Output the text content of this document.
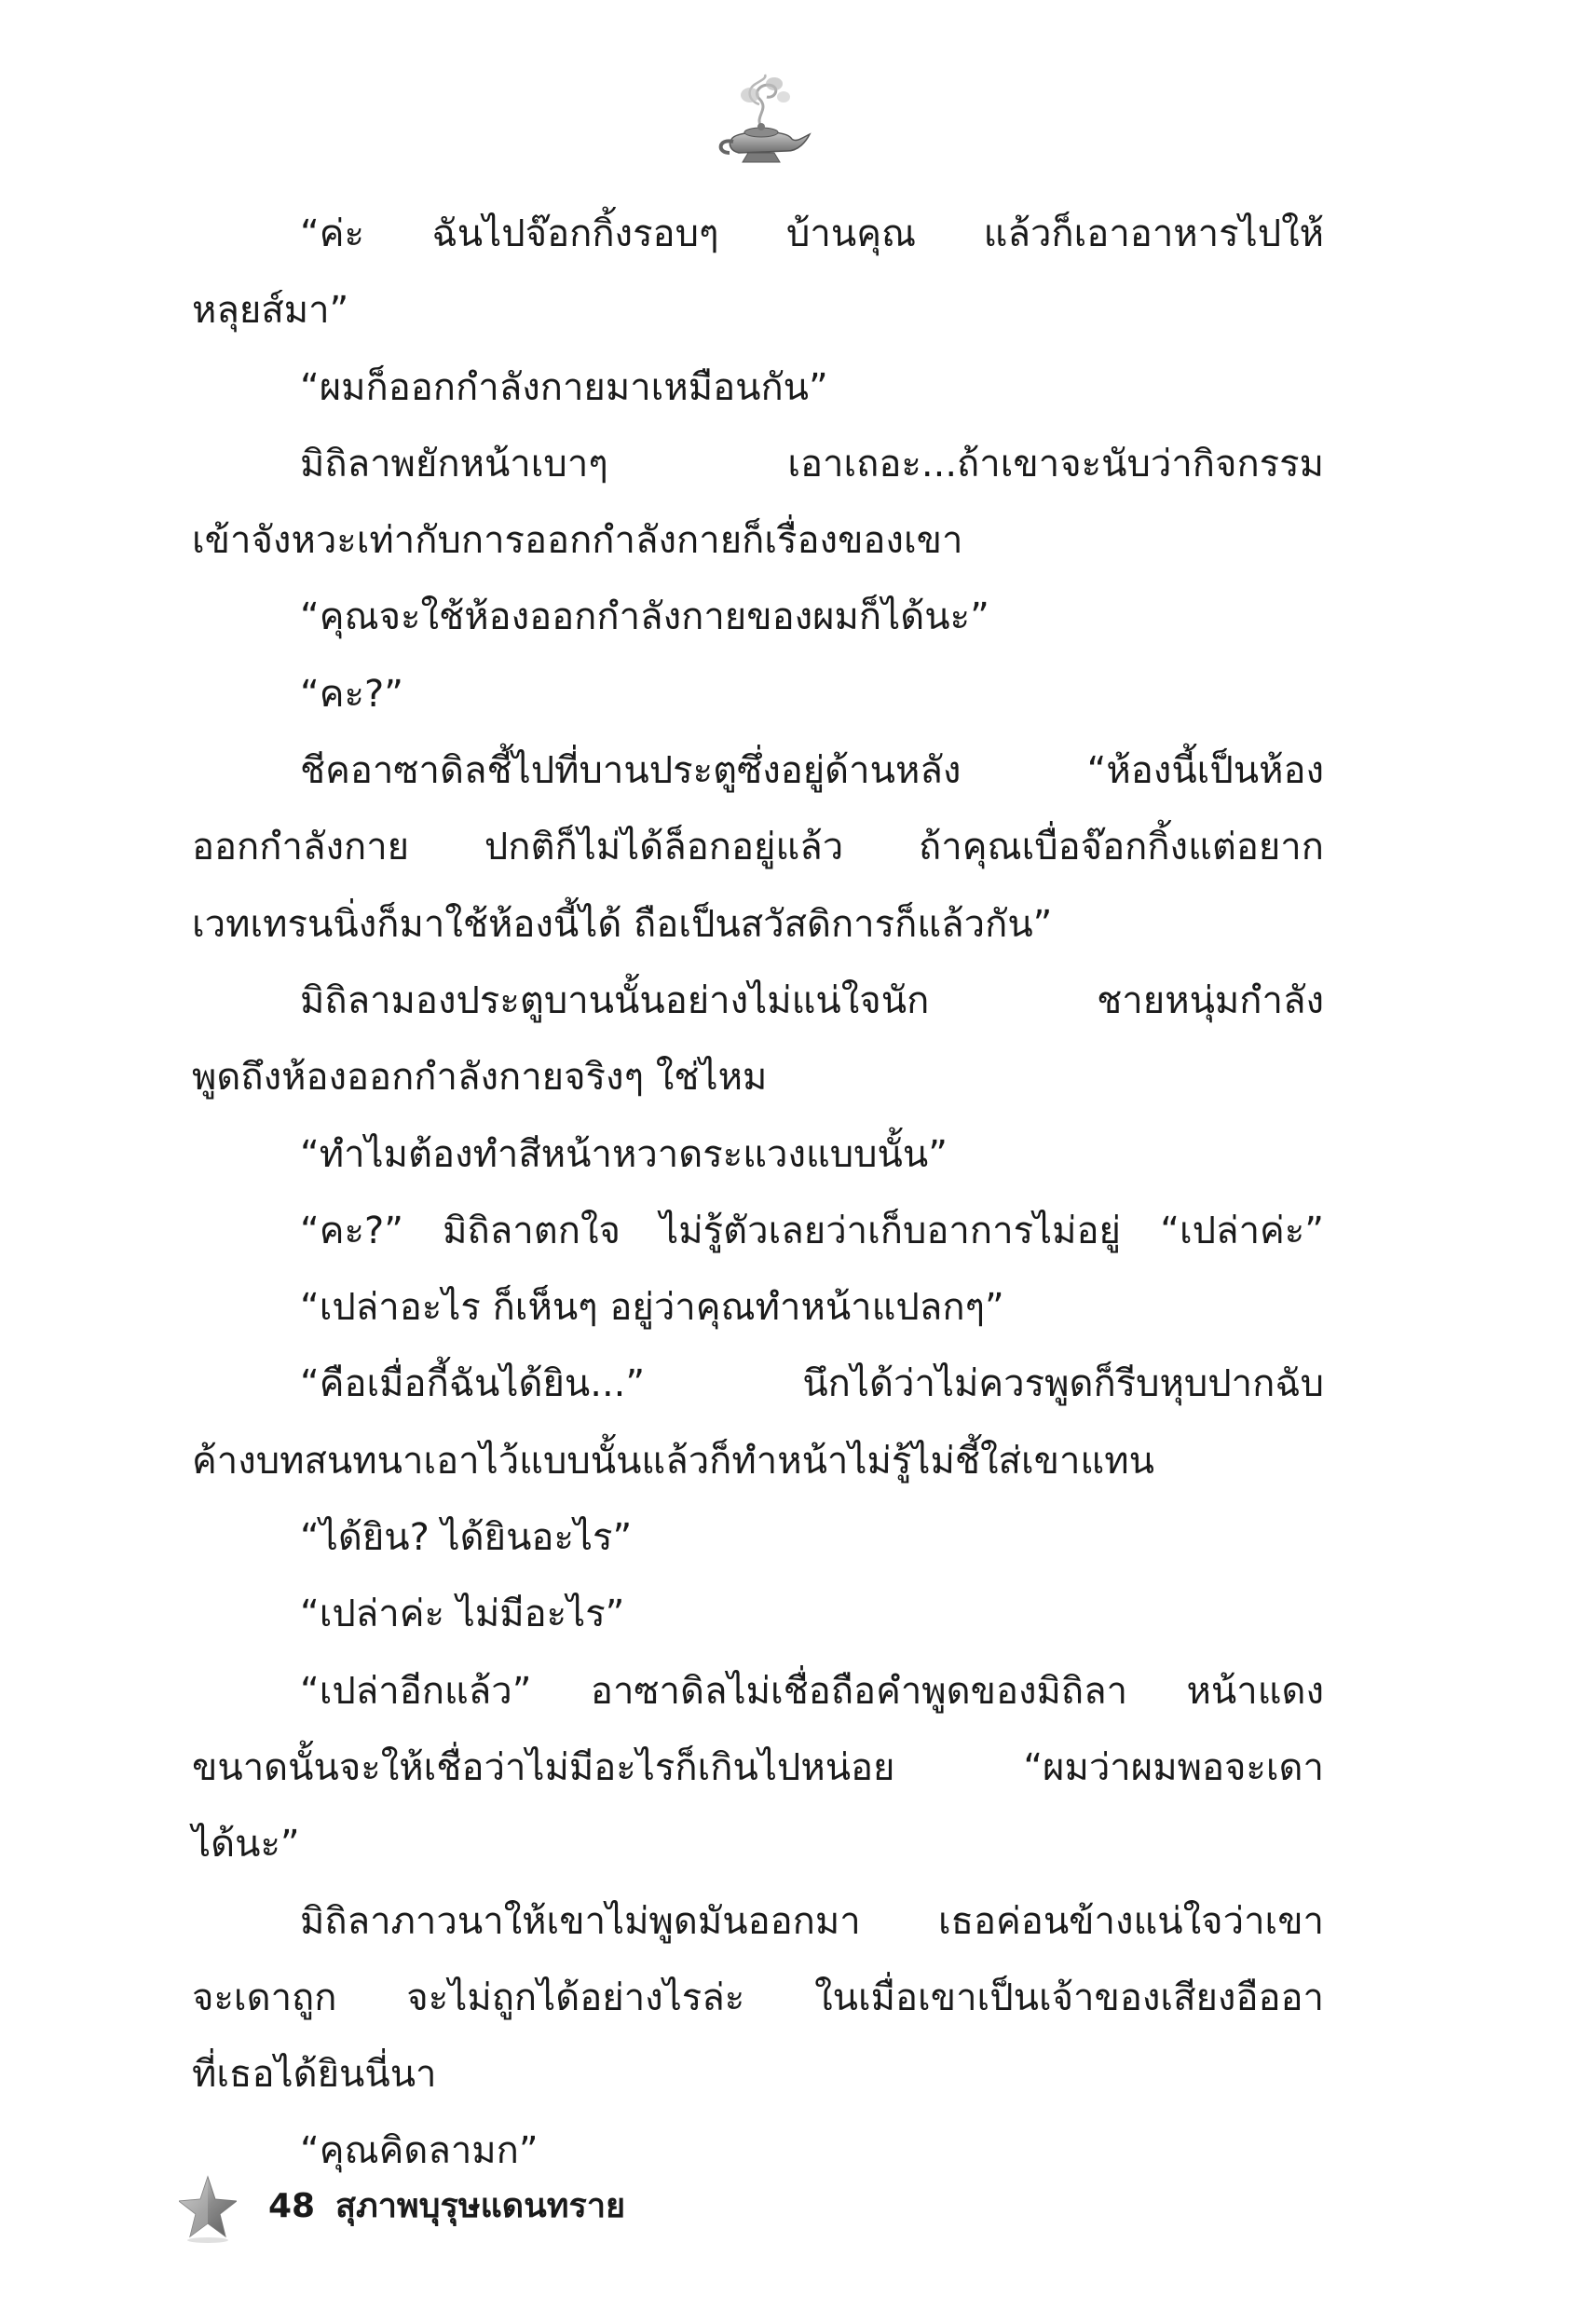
“ค่ะ ฉันไปจ๊อกกิ้งรอบๆ บ้านคุณ แล้วก็เอาอาหารไปให้
หลุยส์มา”
“ผมก็ออกกำลังกายมาเหมือนกัน”
มิถิลาพยักหน้าเบาๆ เอาเถอะ...ถ้าเขาจะนับว่ากิจกรรม
เข้าจังหวะเท่ากับการออกกำลังกายก็เรื่องของเขา
“คุณจะใช้ห้องออกกำลังกายของผมก็ได้นะ”
“คะ?”
ชีคอาซาดิลชี้ไปที่บานประตูซึ่งอยู่ด้านหลัง “ห้องนี้เป็นห้อง
ออกกำลังกาย ปกติก็ไม่ได้ล็อกอยู่แล้ว ถ้าคุณเบื่อจ๊อกกิ้งแต่อยาก
เวทเทรนนิ่งก็มาใช้ห้องนี้ได้ ถือเป็นสวัสดิการก็แล้วกัน”
มิถิลามองประตูบานนั้นอย่างไม่แน่ใจนัก ชายหนุ่มกำลัง
พูดถึงห้องออกกำลังกายจริงๆ ใช่ไหม
“ทำไมต้องทำสีหน้าหวาดระแวงแบบนั้น”
“คะ?” มิถิลาตกใจ ไม่รู้ตัวเลยว่าเก็บอาการไม่อยู่ “เปล่าค่ะ”
“เปล่าอะไร ก็เห็นๆ อยู่ว่าคุณทำหน้าแปลกๆ”
“คือเมื่อกี้ฉันได้ยิน...” นึกได้ว่าไม่ควรพูดก็รีบหุบปากฉับ
ค้างบทสนทนาเอาไว้แบบนั้นแล้วก็ทำหน้าไม่รู้ไม่ชี้ใส่เขาแทน
“ได้ยิน? ได้ยินอะไร”
“เปล่าค่ะ ไม่มีอะไร”
“เปล่าอีกแล้ว” อาซาดิลไม่เชื่อถือคำพูดของมิถิลา หน้าแดง
ขนาดนั้นจะให้เชื่อว่าไม่มีอะไรก็เกินไปหน่อย “ผมว่าผมพอจะเดา
ได้นะ”
มิถิลาภาวนาให้เขาไม่พูดมันออกมา เธอค่อนข้างแน่ใจว่าเขา
จะเดาถูก จะไม่ถูกได้อย่างไรล่ะ ในเมื่อเขาเป็นเจ้าของเสียงอืออา
ที่เธอได้ยินนี่นา
“คุณคิดลามก”
48 สุภาพบุรุษแดนทราย
